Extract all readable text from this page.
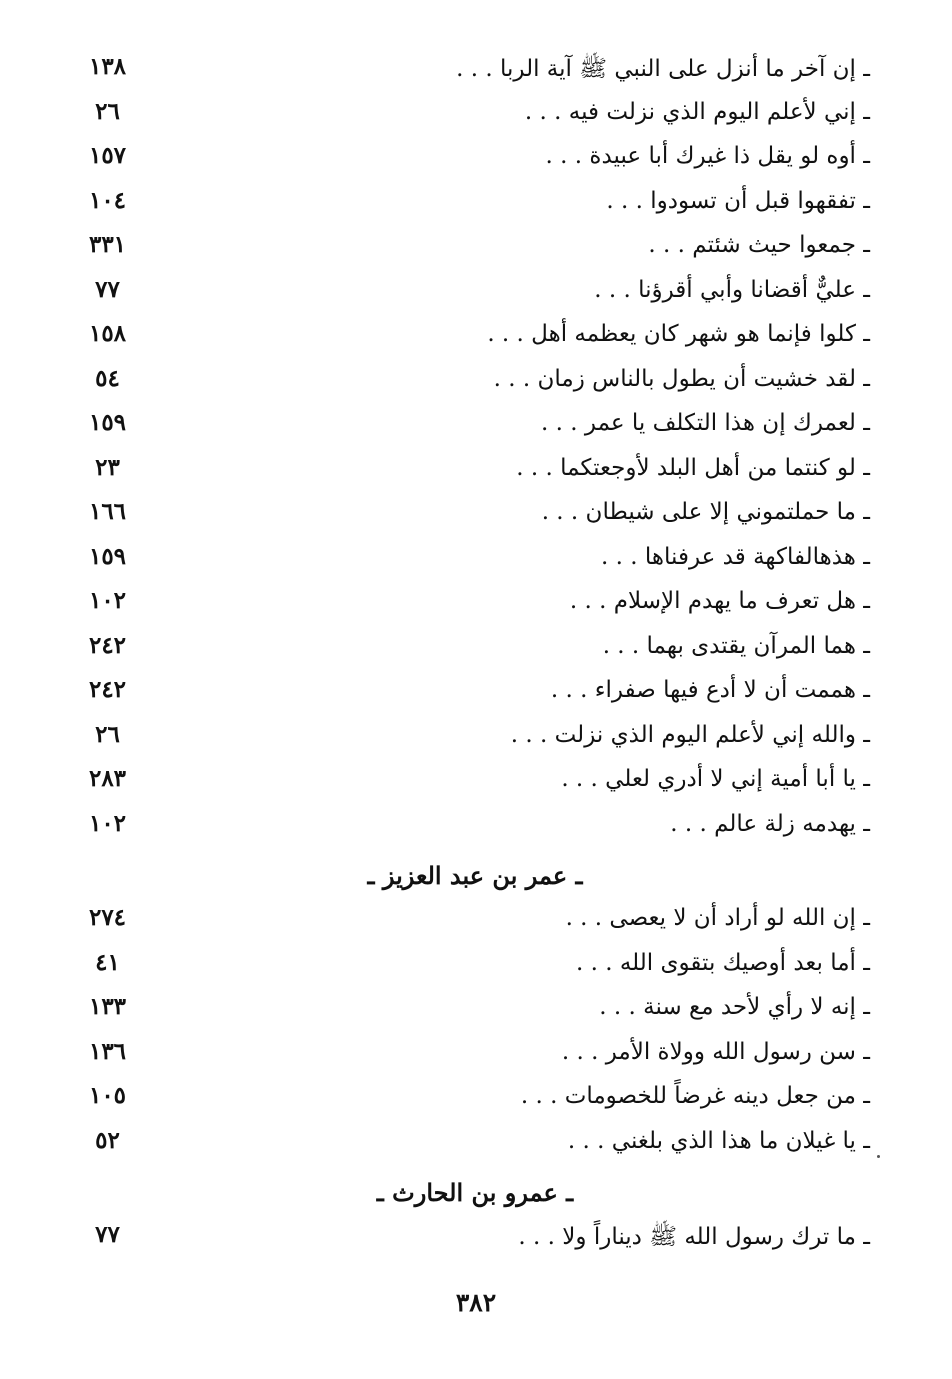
ـ إن آخر ما أنزل على النبي ﷺ آية الربا . . .
١٣٨
ـ إني لأعلم اليوم الذي نزلت فيه . . .
٢٦
ـ أوه لو يقل ذا غيرك أبا عبيدة . . .
١٥٧
ـ تفقهوا قبل أن تسودوا . . .
١٠٤
ـ جمعوا حيث شئتم . . .
٣٣١
ـ عليٌّ أقضانا وأبي أقرؤنا . . .
٧٧
ـ كلوا فإنما هو شهر كان يعظمه أهل . . .
١٥٨
ـ لقد خشيت أن يطول بالناس زمان . . .
٥٤
ـ لعمرك إن هذا التكلف يا عمر . . .
١٥٩
ـ لو كنتما من أهل البلد لأوجعتكما . . .
٢٣
ـ ما حملتموني إلا على شيطان . . .
١٦٦
ـ هذهالفاكهة قد عرفناها . . .
١٥٩
ـ هل تعرف ما يهدم الإسلام . . .
١٠٢
ـ هما المرآن يقتدى بهما . . .
٢٤٢
ـ هممت أن لا أدع فيها صفراء . . .
٢٤٢
ـ والله إني لأعلم اليوم الذي نزلت . . .
٢٦
ـ يا أبا أمية إني لا أدري لعلي . . .
٢٨٣
ـ يهدمه زلة عالم . . .
١٠٢
ـ عمر بن عبد العزيز ـ
ـ إن الله لو أراد أن لا يعصى . . .
٢٧٤
ـ أما بعد أوصيك بتقوى الله . . .
٤١
ـ إنه لا رأي لأحد مع سنة . . .
١٣٣
ـ سن رسول الله وولاة الأمر . . .
١٣٦
ـ من جعل دينه غرضاً للخصومات . . .
١٠٥
ـ يا غيلان ما هذا الذي بلغني . . .
٥٢
ـ عمرو بن الحارث ـ
ـ ما ترك رسول الله ﷺ ديناراً ولا . . .
٧٧
٣٨٢
